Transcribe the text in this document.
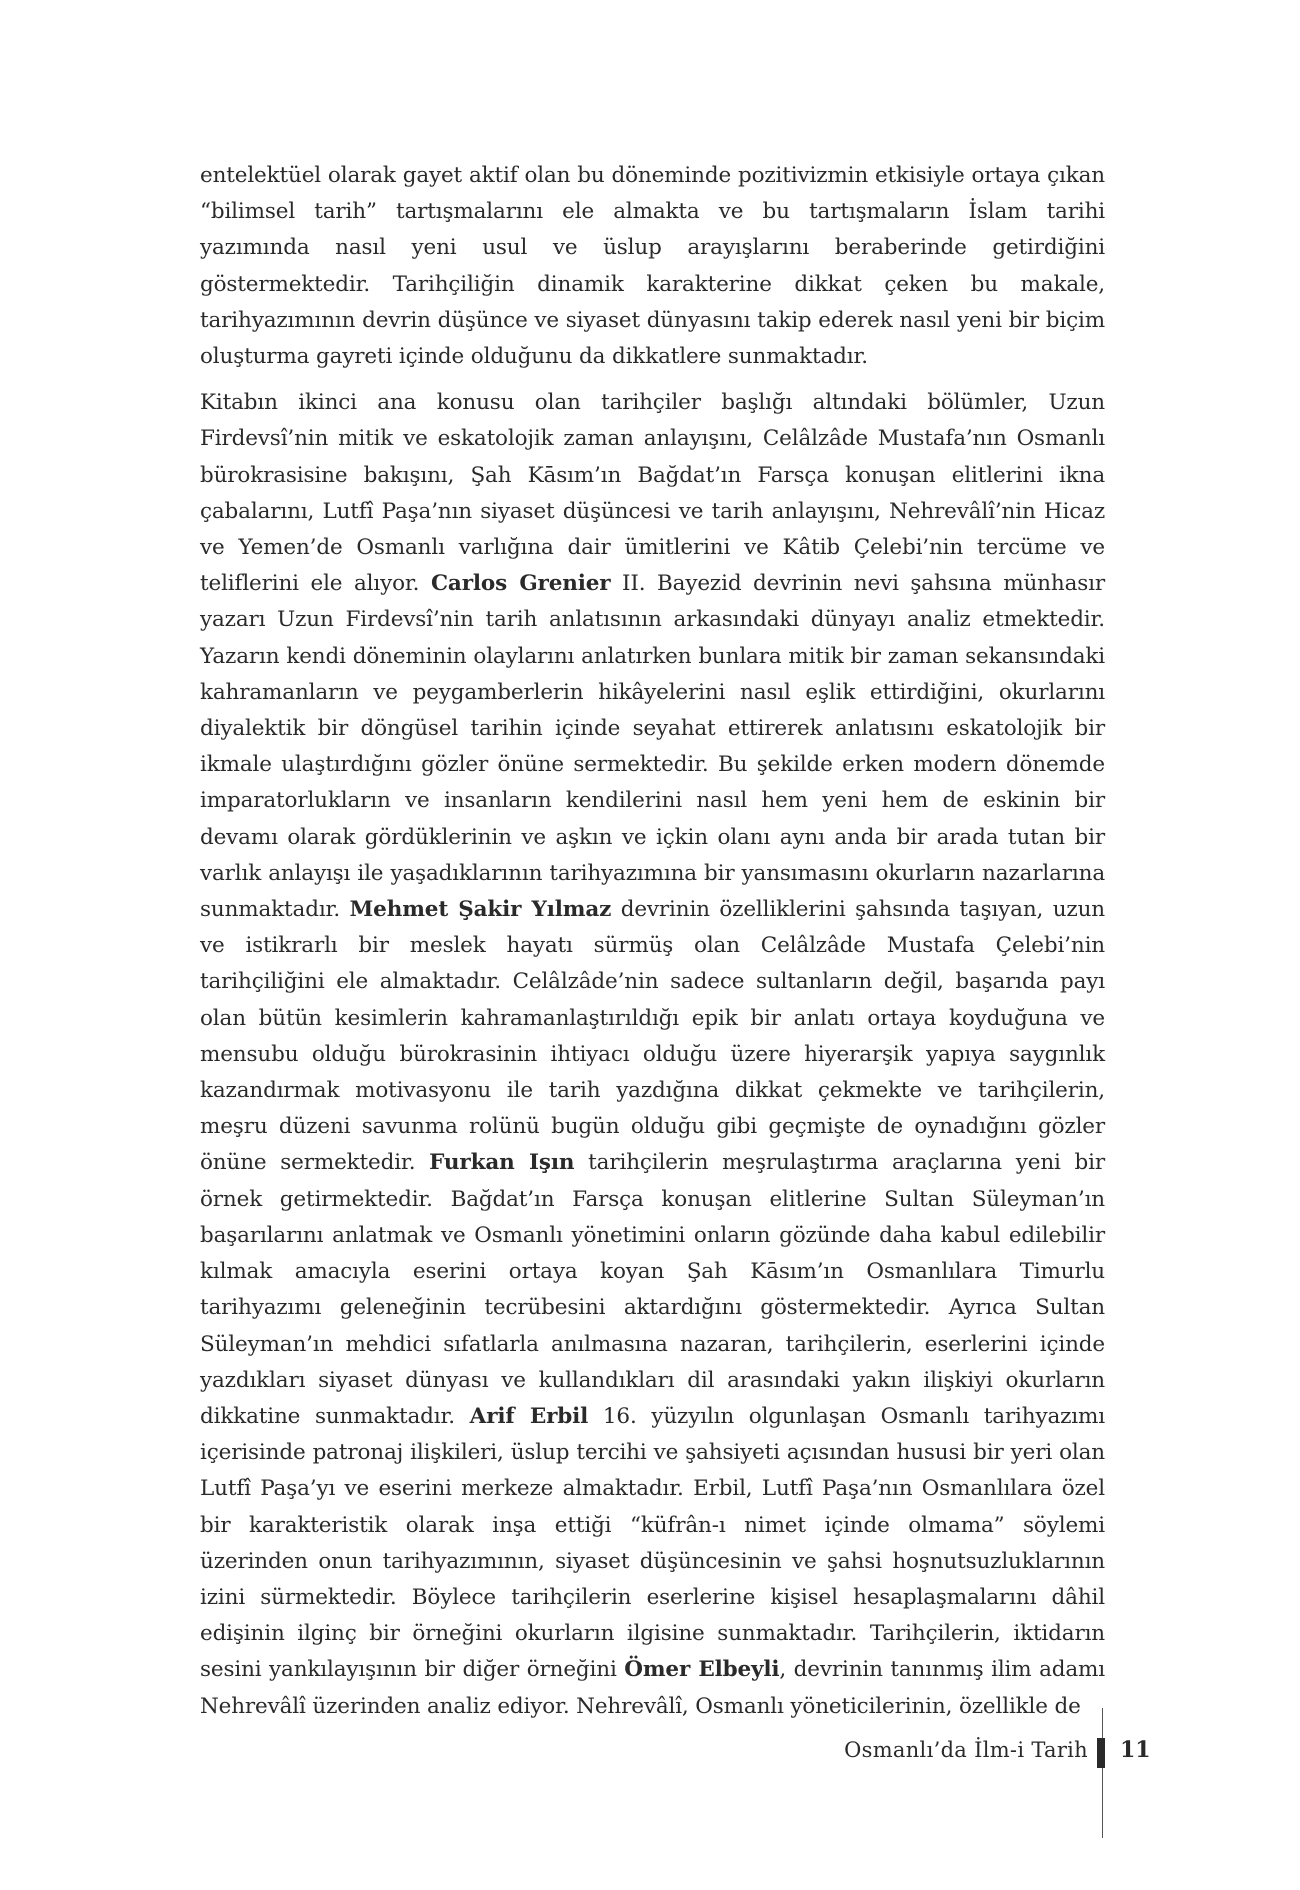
entelektüel olarak gayet aktif olan bu döneminde pozitivizmin etkisiyle ortaya çıkan “bilimsel tarih” tartışmalarını ele almakta ve bu tartışmaların İslam tarihi yazımında nasıl yeni usul ve üslup arayışlarını beraberinde getirdiğini göstermektedir. Tarihçiliğin dinamik karakterine dikkat çeken bu makale, tarihyazımının devrin düşünce ve siyaset dünyasını takip ederek nasıl yeni bir biçim oluşturma gayreti içinde olduğunu da dikkatlere sunmaktadır.

Kitabın ikinci ana konusu olan tarihçiler başlığı altındaki bölümler, Uzun Firdevsî’nin mitik ve eskatolojik zaman anlayışını, Celâlzâde Mustafa’nın Osmanlı bürokrasisine bakışını, Şah Kāsım’ın Bağdat’ın Farsça konuşan elitlerini ikna çabalarını, Lutfî Paşa’nın siyaset düşüncesi ve tarih anlayışını, Nehrevâlî’nin Hicaz ve Yemen’de Osmanlı varlığına dair ümitlerini ve Kâtib Çelebi’nin tercüme ve teliflerini ele alıyor. Carlos Grenier II. Bayezid devrinin nevi şahsına münhasır yazarı Uzun Firdevsî’nin tarih anlatısının arkasındaki dünyayı analiz etmektedir. Yazarın kendi döneminin olaylarını anlatırken bunlara mitik bir zaman sekansındaki kahramanların ve peygamberlerin hikâyelerini nasıl eşlik ettirdiğini, okurlarını diyalektik bir döngüsel tarihin içinde seyahat ettirerek anlatısını eskatolojik bir ikmale ulaştırdığını gözler önüne sermektedir. Bu şekilde erken modern dönemde imparatorlukların ve insanların kendilerini nasıl hem yeni hem de eskinin bir devamı olarak gördüklerinin ve aşkın ve içkin olanı aynı anda bir arada tutan bir varlık anlayışı ile yaşadıklarının tarihyazımına bir yansımasını okurların nazarlarına sunmaktadır. Mehmet Şakir Yılmaz devrinin özelliklerini şahsında taşıyan, uzun ve istikrarlı bir meslek hayatı sürmüş olan Celâlzâde Mustafa Çelebi’nin tarihçiliğini ele almaktadır. Celâlzâde’nin sadece sultanların değil, başarıda payı olan bütün kesimlerin kahramanlaştırıldığı epik bir anlatı ortaya koyduğuna ve mensubu olduğu bürokrasinin ihtiyacı olduğu üzere hiyerarşik yapıya saygınlık kazandırmak motivasyonu ile tarih yazdığına dikkat çekmekte ve tarihçilerin, meşru düzeni savunma rolünü bugün olduğu gibi geçmişte de oynadığını gözler önüne sermektedir. Furkan Işın tarihçilerin meşrulaştırma araçlarına yeni bir örnek getirmektedir. Bağdat’ın Farsça konuşan elitlerine Sultan Süleyman’ın başarılarını anlatmak ve Osmanlı yönetimini onların gözünde daha kabul edilebilir kılmak amacıyla eserini ortaya koyan Şah Kāsım’ın Osmanlılara Timurlu tarihyazımı geleneğinin tecrübesini aktardığını göstermektedir. Ayrıca Sultan Süleyman’ın mehdici sıfatlarla anılmasına nazaran, tarihçilerin, eserlerini içinde yazdıkları siyaset dünyası ve kullandıkları dil arasındaki yakın ilişkiyi okurların dikkatine sunmaktadır. Arif Erbil 16. yüzyılın olgunlaşan Osmanlı tarihyazımı içerisinde patronaj ilişkileri, üslup tercihi ve şahsiyeti açısından hususi bir yeri olan Lutfî Paşa’yı ve eserini merkeze almaktadır. Erbil, Lutfî Paşa’nın Osmanlılara özel bir karakteristik olarak inşa ettiği “küfrân-ı nimet içinde olmama” söylemi üzerinden onun tarihyazımının, siyaset düşüncesinin ve şahsi hoşnutsuzluklarının izini sürmektedir. Böylece tarihçilerin eserlerine kişisel hesaplaşmalarını dâhil edişinin ilginç bir örneğini okurların ilgisine sunmaktadır. Tarihçilerin, iktidarın sesini yankılayışının bir diğer örneğini Ömer Elbeyli, devrinin tanınmış ilim adamı Nehrevâlî üzerinden analiz ediyor. Nehrevâlî, Osmanlı yöneticilerinin, özellikle de

Osmanlı’da İlm-i Tarih 11
